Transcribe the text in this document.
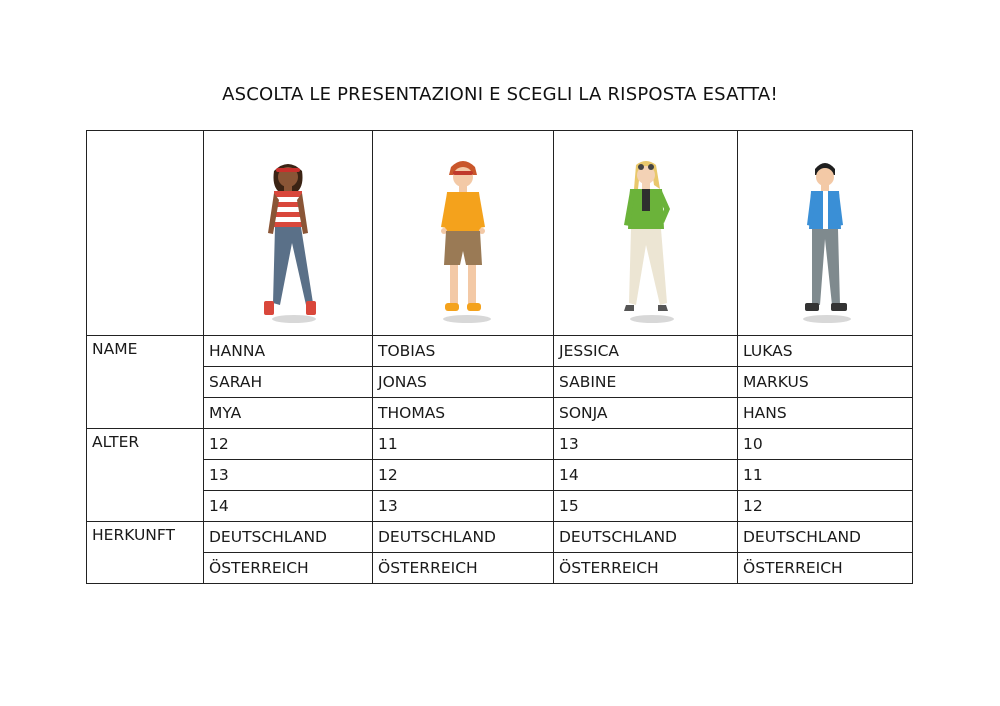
ASCOLTA LE PRESENTAZIONI E SCEGLI LA RISPOSTA ESATTA!

NAME	HANNA	TOBIAS	JESSICA	LUKAS
	SARAH	JONAS	SABINE	MARKUS
	MYA	THOMAS	SONJA	HANS
ALTER	12	11	13	10
	13	12	14	11
	14	13	15	12
HERKUNFT	DEUTSCHLAND	DEUTSCHLAND	DEUTSCHLAND	DEUTSCHLAND
	ÖSTERREICH	ÖSTERREICH	ÖSTERREICH	ÖSTERREICH
